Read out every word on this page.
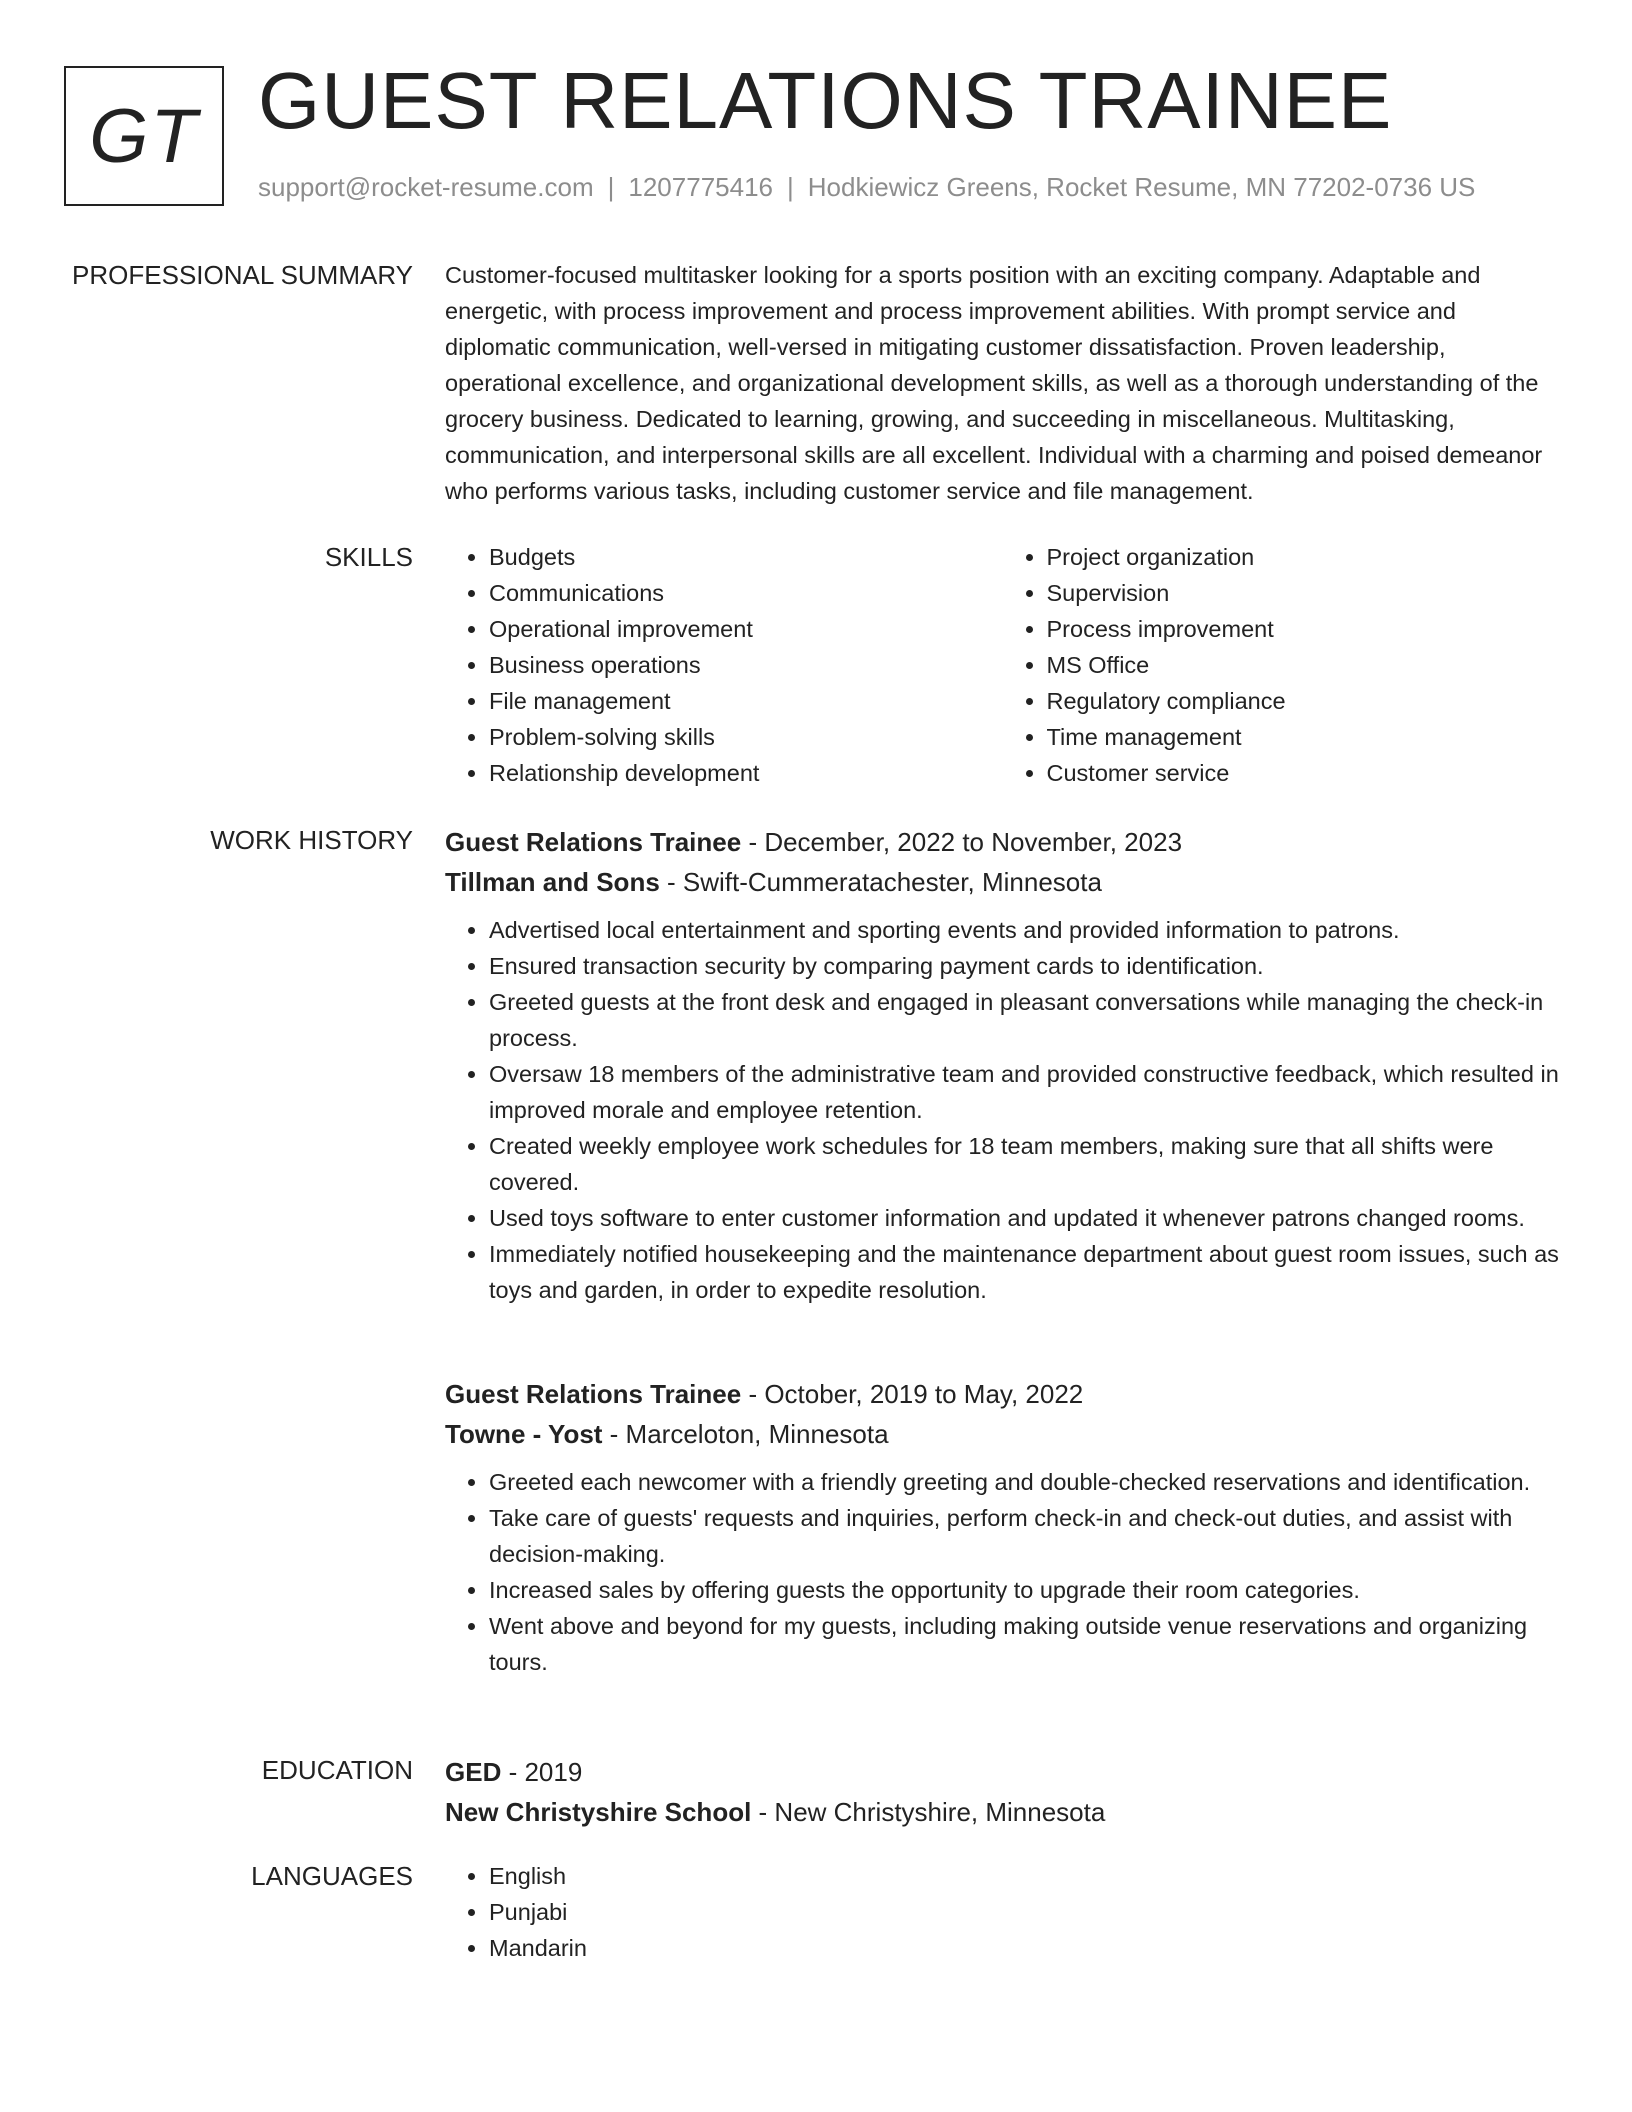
GT GUEST RELATIONS TRAINEE
support@rocket-resume.com | 1207775416 | Hodkiewicz Greens, Rocket Resume, MN 77202-0736 US
PROFESSIONAL SUMMARY Customer-focused multitasker looking for a sports position with an exciting company. Adaptable and energetic, with process improvement and process improvement abilities. With prompt service and diplomatic communication, well-versed in mitigating customer dissatisfaction. Proven leadership, operational excellence, and organizational development skills, as well as a thorough understanding of the grocery business. Dedicated to learning, growing, and succeeding in miscellaneous. Multitasking, communication, and interpersonal skills are all excellent. Individual with a charming and poised demeanor who performs various tasks, including customer service and file management.

SKILLS	• Budgets
• Communications
• Operational improvement
• Business operations
• File management
• Problem-solving skills
• Relationship development
• Project organization
• Supervision
• Process improvement
• MS Office
• Regulatory compliance
• Time management
• Customer service
WORK HISTORY Guest Relations Trainee - December, 2022 to November, 2023
Tillman and Sons - Swift-Cummeratachester, Minnesota
• Advertised local entertainment and sporting events and provided information to patrons.
• Ensured transaction security by comparing payment cards to identification.
• Greeted guests at the front desk and engaged in pleasant conversations while managing the check-in process.
• Oversaw 18 members of the administrative team and provided constructive feedback, which resulted in improved morale and employee retention.
• Created weekly employee work schedules for 18 team members, making sure that all shifts were covered.
• Used toys software to enter customer information and updated it whenever patrons changed rooms.
• Immediately notified housekeeping and the maintenance department about guest room issues, such as toys and garden, in order to expedite resolution.
Guest Relations Trainee - October, 2019 to May, 2022
Towne - Yost - Marceloton, Minnesota
• Greeted each newcomer with a friendly greeting and double-checked reservations and identification.
• Take care of guests' requests and inquiries, perform check-in and check-out duties, and assist with decision-making.
• Increased sales by offering guests the opportunity to upgrade their room categories.
• Went above and beyond for my guests, including making outside venue reservations and organizing tours.
EDUCATION GED - 2019
New Christyshire School - New Christyshire, Minnesota
LANGUAGES	• English
• Punjabi
• Mandarin
